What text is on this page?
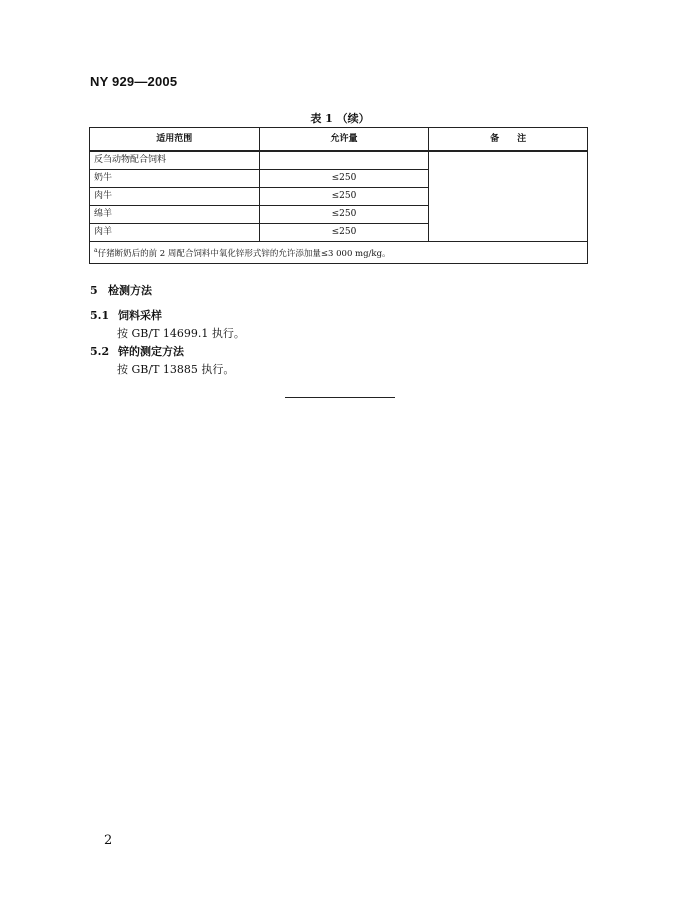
NY 929—2005
表 1 （续）
适用范围	允许量	备　　注
反刍动物配合饲料		
奶牛	≤250	
肉牛	≤250	
绵羊	≤250	
肉羊	≤250	
$^a$仔猪断奶后的前 2 周配合饲料中氧化锌形式锌的允许添加量≤3 000 mg/kg。		
5 检测方法
5.1 饲料采样
按 GB/T 14699.1 执行。
5.2 锌的测定方法
按 GB/T 13885 执行。
2
